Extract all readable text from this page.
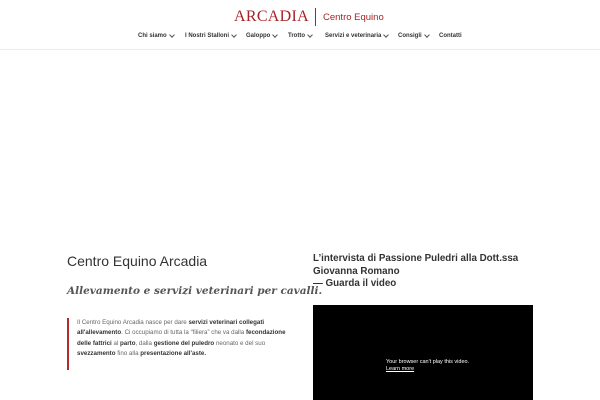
ARCADIA Centro Equino
Chi siamo	I Nostri Stalloni	Galoppo	Trotto	Servizi e veterinaria	Consigli	Contatti
Centro Equino Arcadia
Allevamento e servizi veterinari per cavalli.

Il Centro Equino Arcadia nasce per dare servizi veterinari collegati all'allevamento. Ci occupiamo di tutta la “filiera” che va dalla fecondazione delle fattrici al parto, dalla gestione del puledro neonato e del suo svezzamento fino alla presentazione all'aste.

L’intervista di Passione Puledri alla Dott.ssa
Giovanna Romano
— Guarda il video
Your browser can't play this video.
Learn more
